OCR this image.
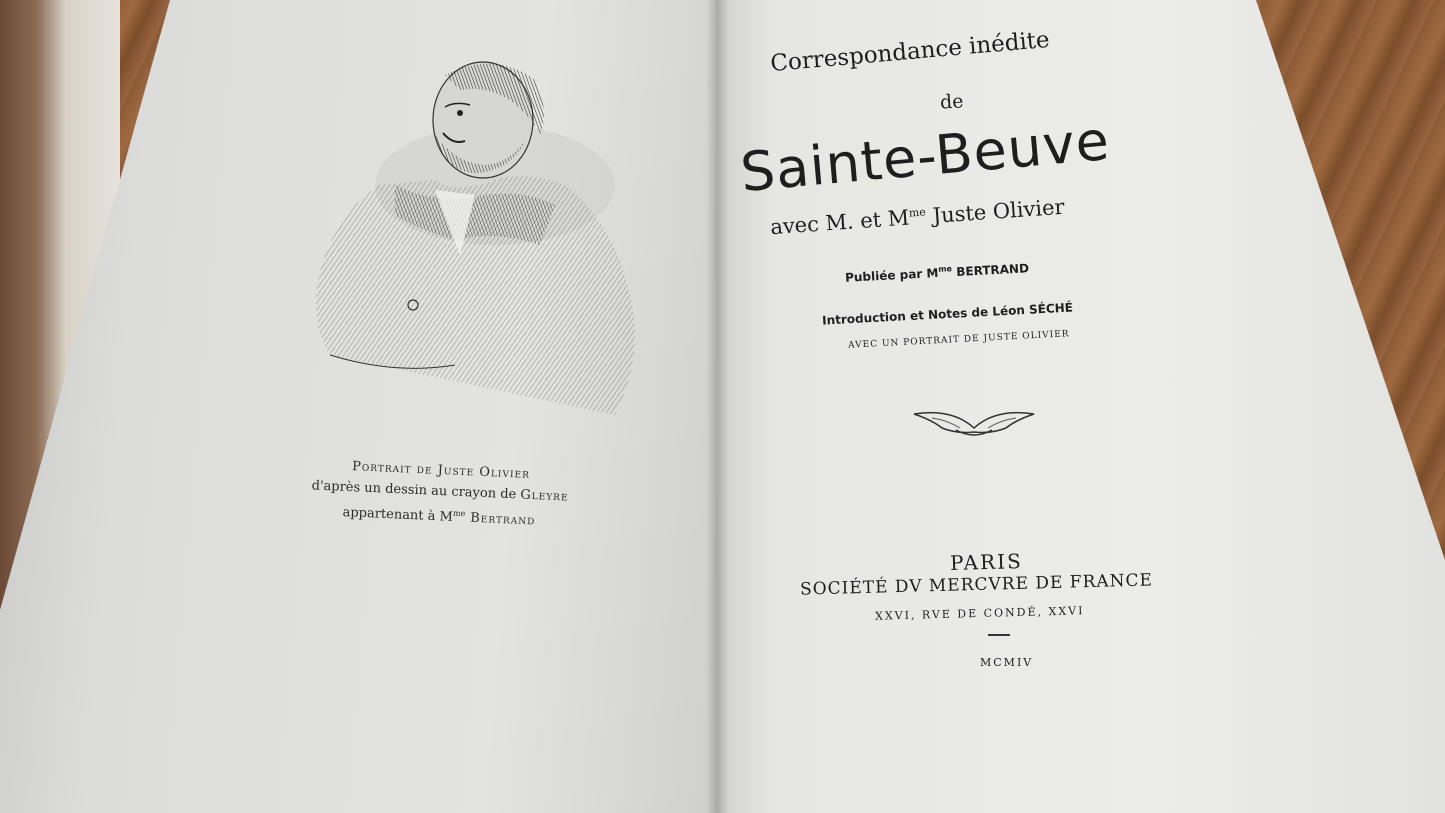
Portrait de Juste Olivier
d'après un dessin au crayon de Gleyre
appartenant à $M^{me}$ Bertrand
Correspondance inédite
de
Sainte-Beuve
avec M. et $M^{me}$ Juste Olivier
Publiée par $M^{me}$ BERTRAND
Introduction et Notes de Léon SÉCHÉ
AVEC UN PORTRAIT DE JUSTE OLIVIER
PARIS
SOCIÉTÉ DV MERCVRE DE FRANCE
XXVI, RVE DE CONDÉ, XXVI
MCMIV
